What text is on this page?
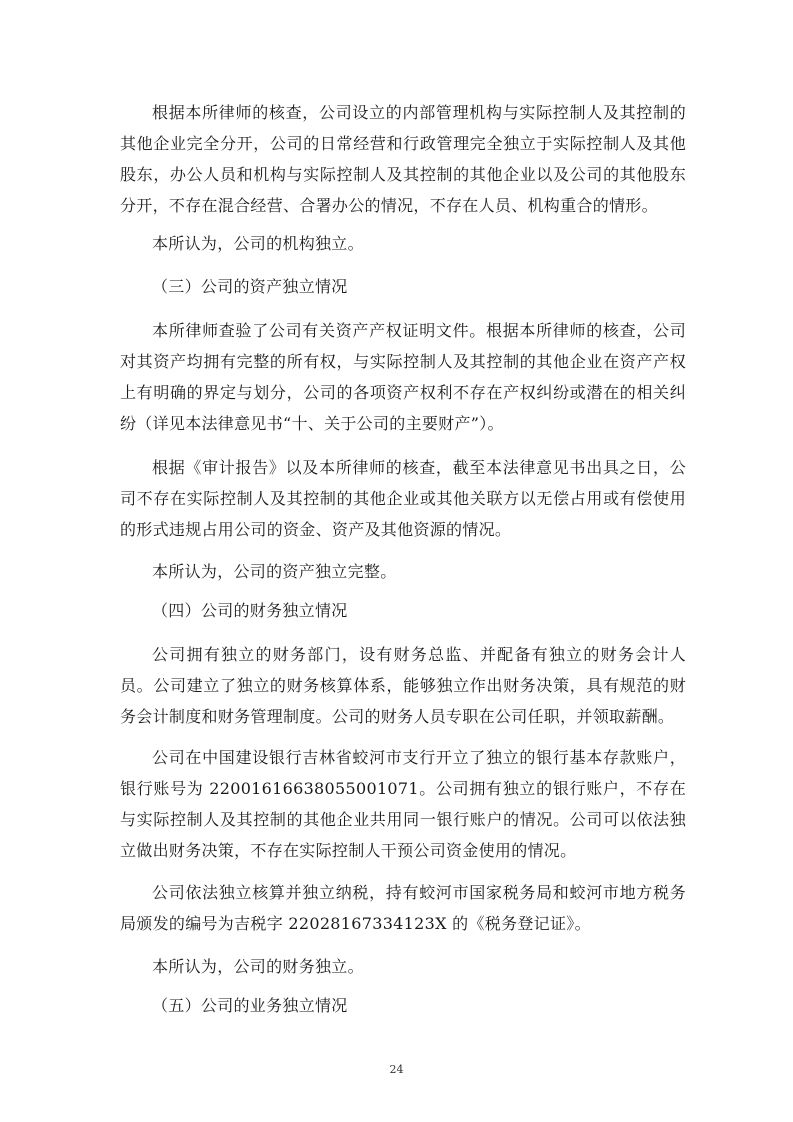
根据本所律师的核查，公司设立的内部管理机构与实际控制人及其控制的其他企业完全分开，公司的日常经营和行政管理完全独立于实际控制人及其他股东，办公人员和机构与实际控制人及其控制的其他企业以及公司的其他股东分开，不存在混合经营、合署办公的情况，不存在人员、机构重合的情形。

本所认为，公司的机构独立。

（三）公司的资产独立情况

本所律师查验了公司有关资产产权证明文件。根据本所律师的核查，公司对其资产均拥有完整的所有权，与实际控制人及其控制的其他企业在资产产权上有明确的界定与划分，公司的各项资产权利不存在产权纠纷或潜在的相关纠纷（详见本法律意见书“十、关于公司的主要财产”）。

根据《审计报告》以及本所律师的核查，截至本法律意见书出具之日，公司不存在实际控制人及其控制的其他企业或其他关联方以无偿占用或有偿使用的形式违规占用公司的资金、资产及其他资源的情况。

本所认为，公司的资产独立完整。

（四）公司的财务独立情况

公司拥有独立的财务部门，设有财务总监、并配备有独立的财务会计人员。公司建立了独立的财务核算体系，能够独立作出财务决策，具有规范的财务会计制度和财务管理制度。公司的财务人员专职在公司任职，并领取薪酬。

公司在中国建设银行吉林省蛟河市支行开立了独立的银行基本存款账户，银行账号为 22001616638055001071。公司拥有独立的银行账户，不存在与实际控制人及其控制的其他企业共用同一银行账户的情况。公司可以依法独立做出财务决策，不存在实际控制人干预公司资金使用的情况。

公司依法独立核算并独立纳税，持有蛟河市国家税务局和蛟河市地方税务局颁发的编号为吉税字 22028167334123X 的《税务登记证》。

本所认为，公司的财务独立。

（五）公司的业务独立情况

24
